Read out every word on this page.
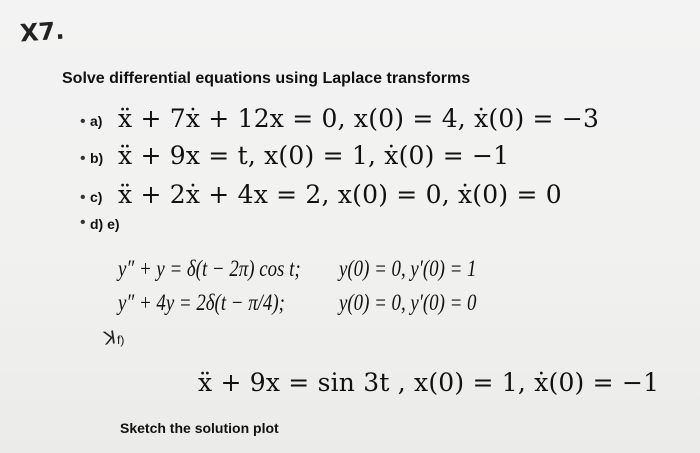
X7.
Solve differential equations using Laplace transforms
• a) ẍ + 7ẋ + 12x = 0, x(0) = 4, ẋ(0) = −3
• b) ẍ + 9x = t, x(0) = 1, ẋ(0) = −1
• c) ẍ + 2ẋ + 4x = 2, x(0) = 0, ẋ(0) = 0
• d) e)
y″ + y = δ(t − 2π) cos t; y(0) = 0, y′(0) = 1
y″ + 4y = 2δ(t − π/4); y(0) = 0, y′(0) = 0
ꓘ f)
ẍ + 9x = sin 3t , x(0) = 1, ẋ(0) = −1
Sketch the solution plot
